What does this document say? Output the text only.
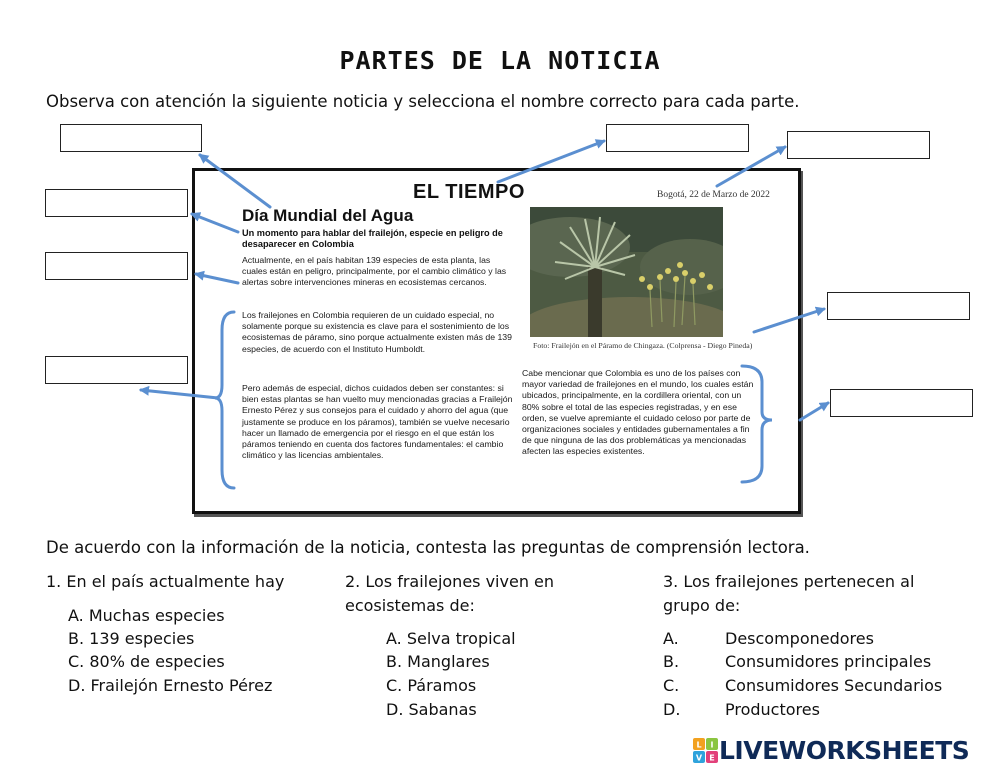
PARTES DE LA NOTICIA
Observa con atención la siguiente noticia y selecciona el nombre correcto para cada parte.
EL TIEMPO	Bogotá, 22 de Marzo de 2022
Día Mundial del Agua
Un momento para hablar del frailejón, especie en peligro de desaparecer en Colombia
Actualmente, en el país habitan 139 especies de esta planta, las cuales están en peligro, principalmente, por el cambio climático y las alertas sobre intervenciones mineras en ecosistemas cercanos.
Los frailejones en Colombia requieren de un cuidado especial, no solamente porque su existencia es clave para el sostenimiento de los ecosistemas de páramo, sino porque actualmente existen más de 139 especies, de acuerdo con el Instituto Humboldt.
Pero además de especial, dichos cuidados deben ser constantes: si bien estas plantas se han vuelto muy mencionadas gracias a Frailejón Ernesto Pérez y sus consejos para el cuidado y ahorro del agua (que justamente se produce en los páramos), también se vuelve necesario hacer un llamado de emergencia por el riesgo en el que están los páramos teniendo en cuenta dos factores fundamentales: el cambio climático y las licencias ambientales.
Cabe mencionar que Colombia es uno de los países con mayor variedad de frailejones en el mundo, los cuales están ubicados, principalmente, en la cordillera oriental, con un 80% sobre el total de las especies registradas, y en ese orden, se vuelve apremiante el cuidado celoso por parte de organizaciones sociales y entidades gubernamentales a fin de que ninguna de las dos problemáticas ya mencionadas afecten las especies existentes.
Foto: Frailejón en el Páramo de Chingaza. (Colprensa - Diego Pineda)
De acuerdo con la información de la noticia, contesta las preguntas de comprensión lectora.
1. En el país actualmente hay
A. Muchas especies
B. 139 especies
C. 80% de especies
D. Frailejón Ernesto Pérez
2. Los frailejones viven en ecosistemas de:
A. Selva tropical
B. Manglares
C. Páramos
D. Sabanas
3. Los frailejones pertenecen al grupo de:
A.	Descomponedores
B.	Consumidores principales
C.	Consumidores Secundarios
D.	Productores
L I
V E LIVEWORKSHEETS
